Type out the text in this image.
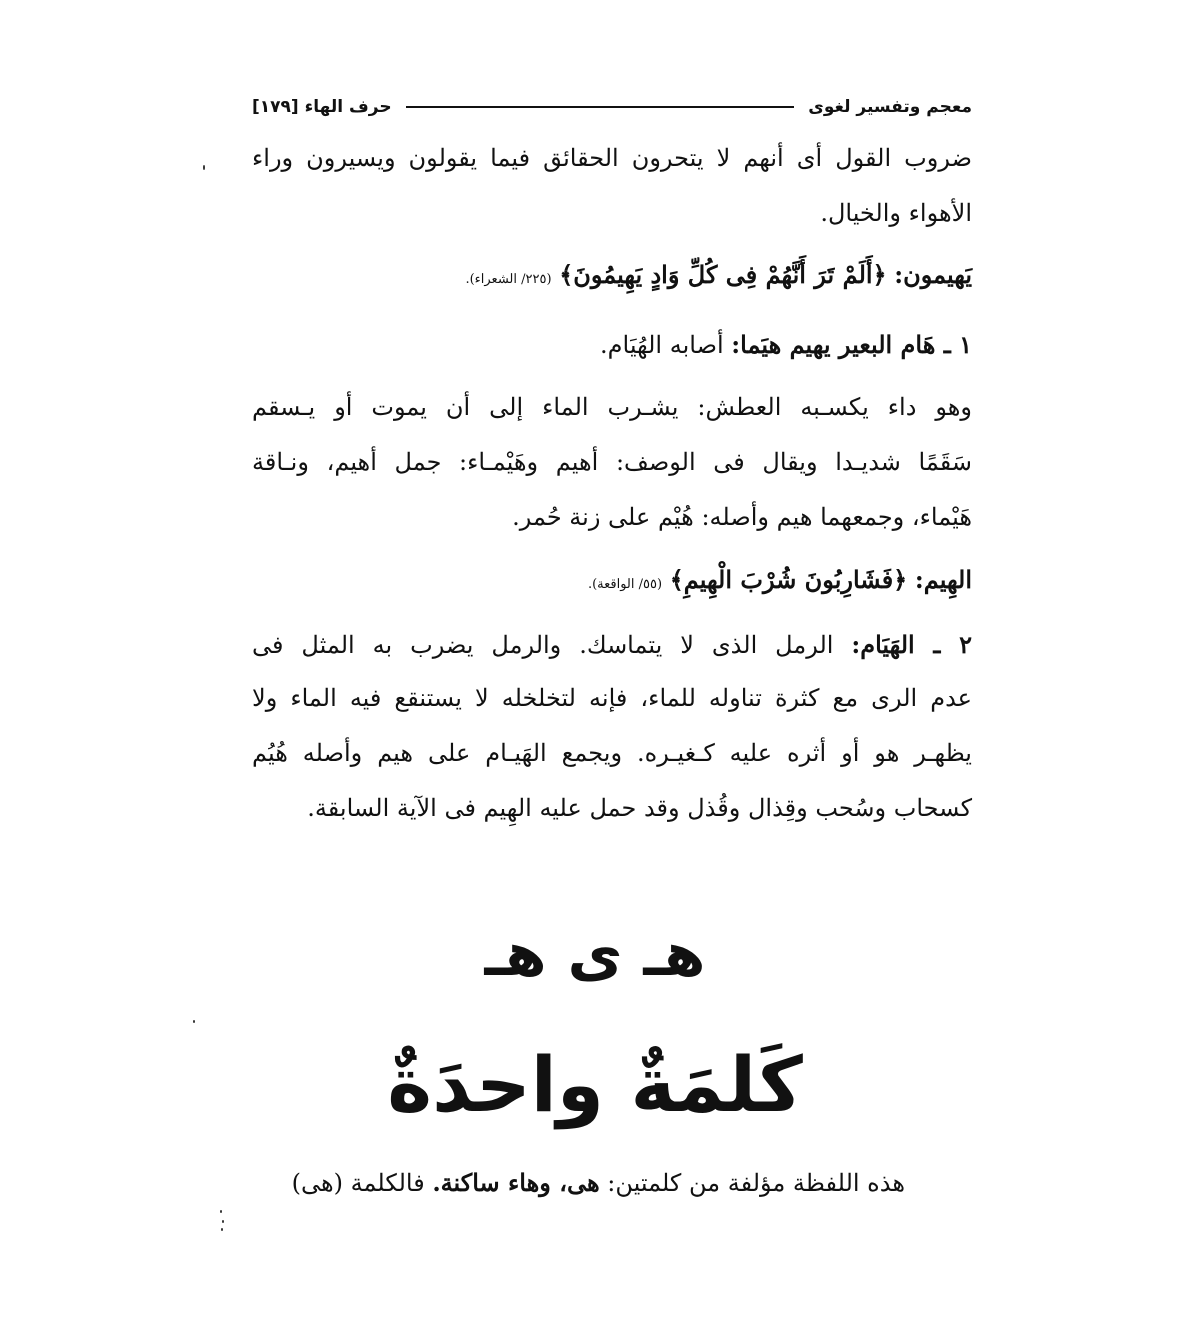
معجم وتفسير لغوى
حرف الهاء [١٧٩]
ضروب القول أى أنهم لا يتحرون الحقائق فيما يقولون ويسيرون وراء
الأهواء والخيال.
يَهيمون: ﴿أَلَمْ تَرَ أَنَّهُمْ فِى كُلِّ وَادٍ يَهِيمُونَ﴾ (٢٢٥/ الشعراء).
١ ـ هَام البعير يهيم هيَما: أصابه الهُيَام.
وهو داء يكسـبه العطش: يشـرب الماء إلى أن يموت أو يـسقم
سَقَمًا شديـدا ويقال فى الوصف: أهيم وهَيْمـاء: جمل أهيم، ونـاقة
هَيْماء، وجمعهما هيم وأصله: هُيْم على زنة حُمر.
الهِيم: ﴿فَشَارِبُونَ شُرْبَ الْهِيمِ﴾ (٥٥/ الواقعة).
٢ ـ الهَيَام: الرمل الذى لا يتماسك. والرمل يضرب به المثل فى
عدم الرى مع كثرة تناوله للماء، فإنه لتخلخله لا يستنقع فيه الماء ولا
يظهـر هو أو أثره عليه كـغيـره. ويجمع الهَيـام على هيم وأصله هُيُم
كسحاب وسُحب وقِذال وقُذل وقد حمل عليه الهِيم فى الآية السابقة.
هـ ى هـ
كَلمَةٌ واحدَةٌ
هذه اللفظة مؤلفة من كلمتين: هى، وهاء ساكنة. فالكلمة (هى)
